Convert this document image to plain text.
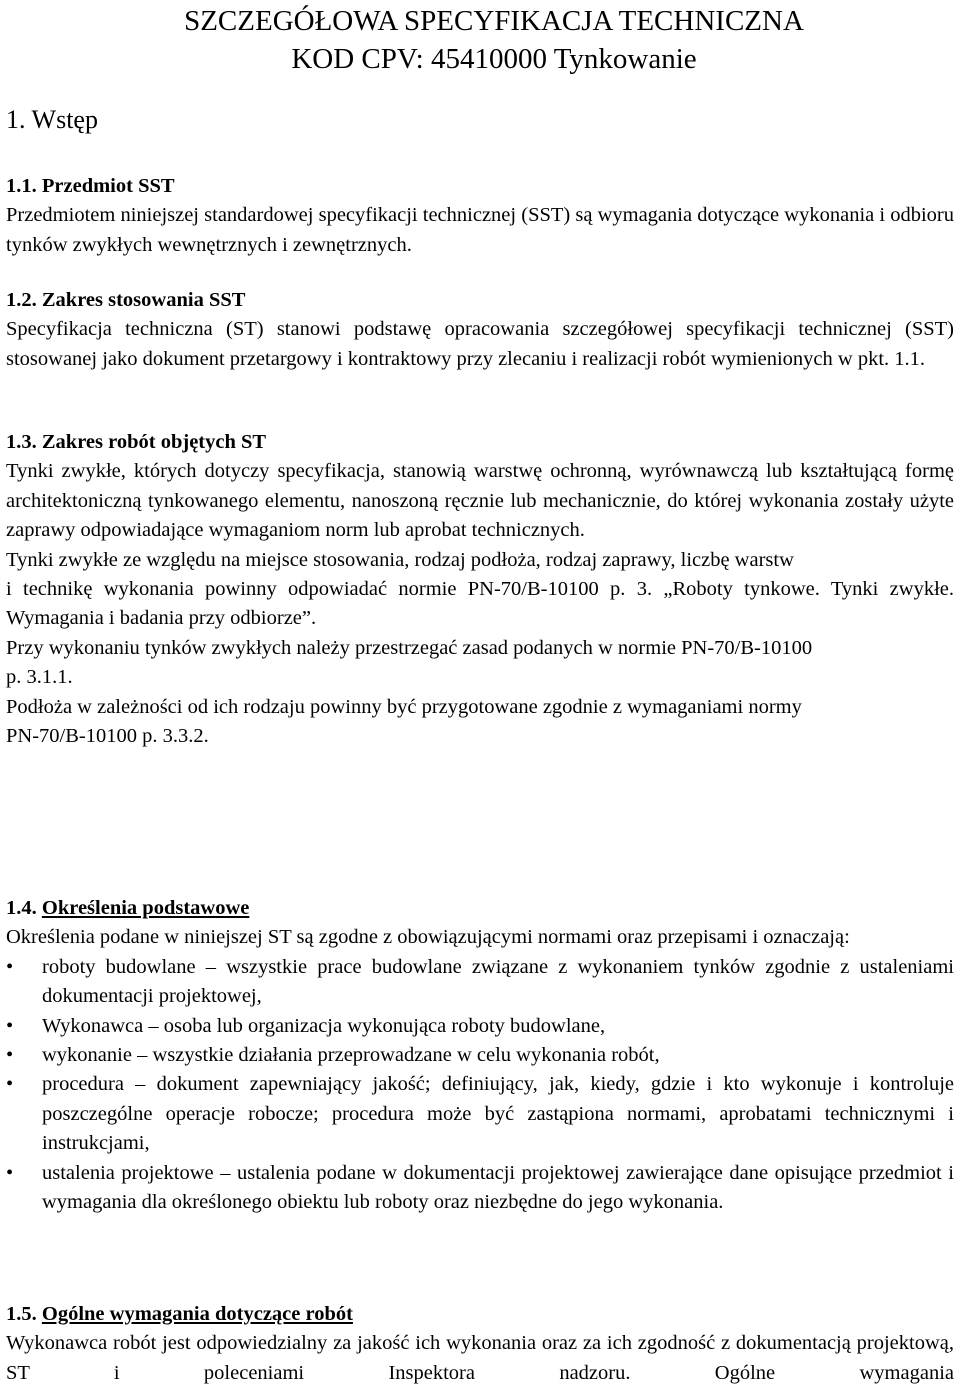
SZCZEGÓŁOWA SPECYFIKACJA TECHNICZNA
KOD CPV: 45410000 Tynkowanie
1. Wstęp

1.1. Przedmiot SST

Przedmiotem niniejszej standardowej specyfikacji technicznej (SST) są wymagania dotyczące wykonania i odbioru tynków zwykłych wewnętrznych i zewnętrznych.

1.2. Zakres stosowania SST

Specyfikacja techniczna (ST) stanowi podstawę opracowania szczegółowej specyfikacji technicznej (SST) stosowanej jako dokument przetargowy i kontraktowy przy zlecaniu i realizacji robót wymienionych w pkt. 1.1.

1.3. Zakres robót objętych ST

Tynki zwykłe, których dotyczy specyfikacja, stanowią warstwę ochronną, wyrównawczą lub kształtującą formę architektoniczną tynkowanego elementu, nanoszoną ręcznie lub mechanicznie, do której wykonania zostały użyte zaprawy odpowiadające wymaganiom norm lub aprobat technicznych.

Tynki zwykłe ze względu na miejsce stosowania, rodzaj podłoża, rodzaj zaprawy, liczbę warstw

i technikę wykonania powinny odpowiadać normie PN-70/B-10100 p. 3. „Roboty tynkowe. Tynki zwykłe. Wymagania i badania przy odbiorze”.

Przy wykonaniu tynków zwykłych należy przestrzegać zasad podanych w normie PN-70/B-10100

p. 3.1.1.

Podłoża w zależności od ich rodzaju powinny być przygotowane zgodnie z wymaganiami normy

PN-70/B-10100 p. 3.3.2.

1.4. Określenia podstawowe

Określenia podane w niniejszej ST są zgodne z obowiązującymi normami oraz przepisami i oznaczają:

•	roboty budowlane – wszystkie prace budowlane związane z wykonaniem tynków zgodnie z ustaleniami dokumentacji projektowej,

•	Wykonawca – osoba lub organizacja wykonująca roboty budowlane,

•	wykonanie – wszystkie działania przeprowadzane w celu wykonania robót,

•	procedura – dokument zapewniający jakość; definiujący, jak, kiedy, gdzie i kto wykonuje i kontroluje poszczególne operacje robocze; procedura może być zastąpiona normami, aprobatami technicznymi i instrukcjami,

•	ustalenia projektowe – ustalenia podane w dokumentacji projektowej zawierające dane opisujące przedmiot i wymagania dla określonego obiektu lub roboty oraz niezbędne do jego wykonania.

1.5. Ogólne wymagania dotyczące robót

Wykonawca robót jest odpowiedzialny za jakość ich wykonania oraz za ich zgodność z dokumentacją projektową, ST i poleceniami Inspektora nadzoru. Ogólne wymagania
